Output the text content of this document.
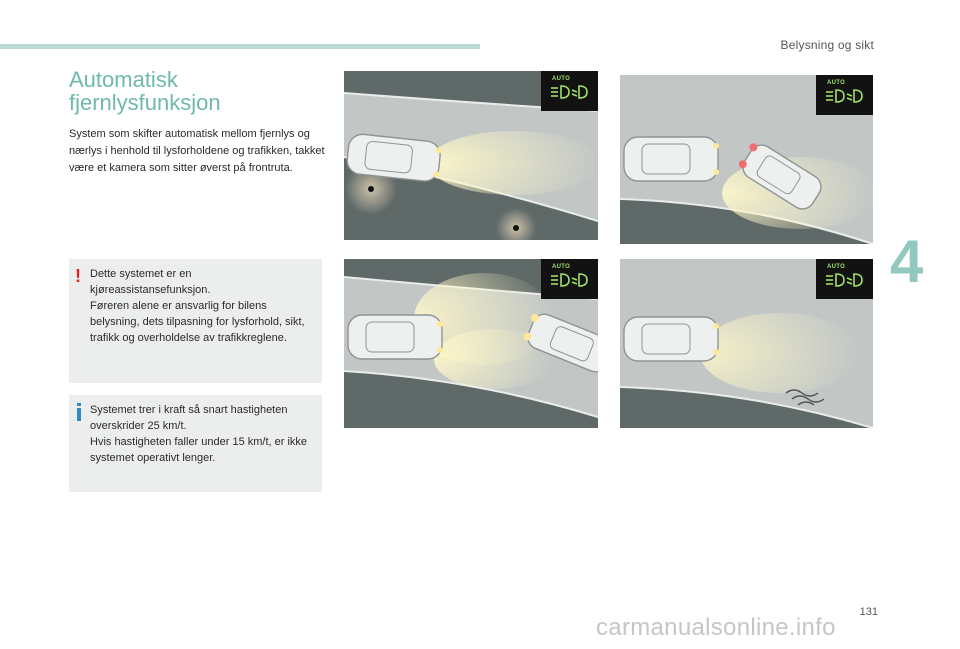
Belysning og sikt
4
131
carmanualsonline.info
Automatisk
fjernlysfunksjon

System som skifter automatisk mellom fjernlys og nærlys i henhold til lysforholdene og trafikken, takket være et kamera som sitter øverst på frontruta.

! Dette systemet er en

kjøreassistansefunksjon.

Føreren alene er ansvarlig for bilens belysning, dets tilpasning for lysforhold, sikt, trafikk og overholdelse av trafikkreglene.

Systemet trer i kraft så snart hastigheten overskrider 25 km/t.

Hvis hastigheten faller under 15 km/t, er ikke systemet operativt lenger.

AUTO
AUTO
AUTO	AUTO
